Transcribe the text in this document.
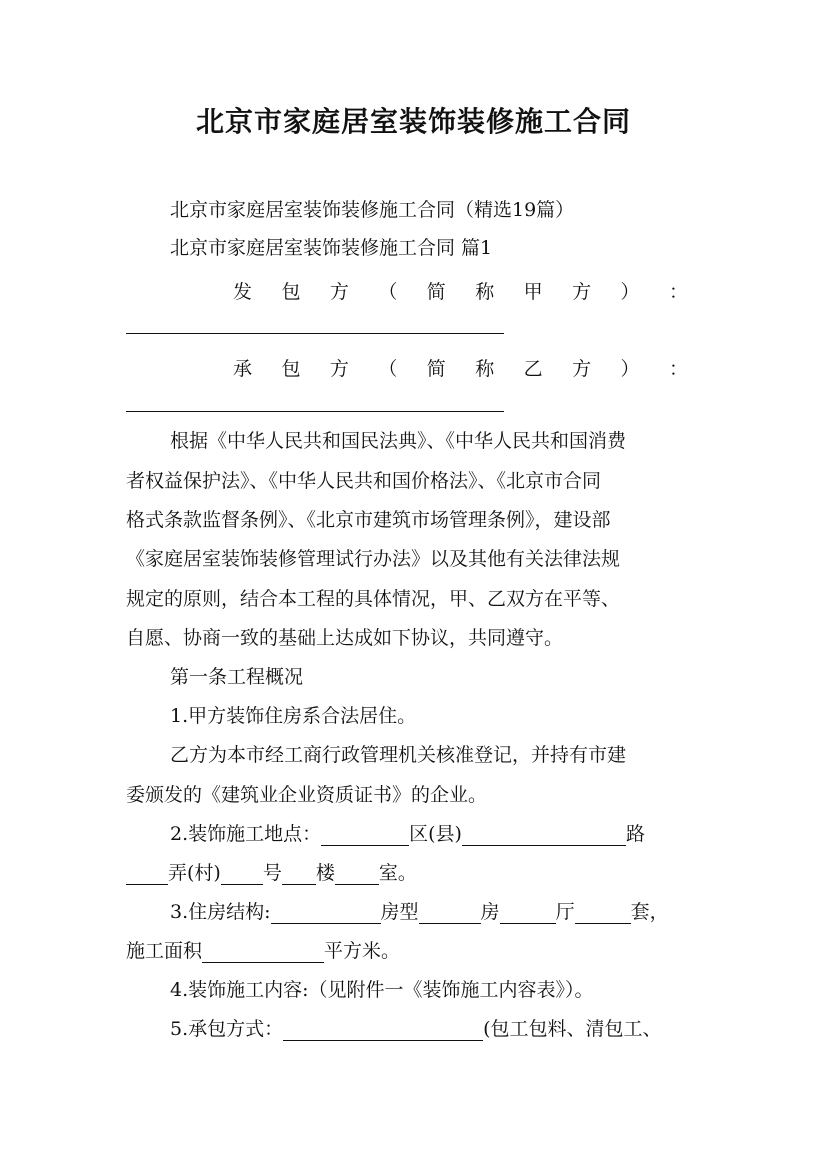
北京市家庭居室装饰装修施工合同
北京市家庭居室装饰装修施工合同（精选19篇）
北京市家庭居室装饰装修施工合同 篇1
发 包 方 （ 简 称 甲 方 ） ：
承 包 方 （ 简 称 乙 方 ） ：
根据《中华人民共和国民法典》、《中华人民共和国消费
者权益保护法》、《中华人民共和国价格法》、《北京市合同
格式条款监督条例》、《北京市建筑市场管理条例》，建设部
《家庭居室装饰装修管理试行办法》以及其他有关法律法规
规定的原则，结合本工程的具体情况，甲、乙双方在平等、
自愿、协商一致的基础上达成如下协议，共同遵守。
第一条工程概况
1.甲方装饰住房系合法居住。
乙方为本市经工商行政管理机关核准登记，并持有市建
委颁发的《建筑业企业资质证书》的企业。
2.装饰施工地点：	区(县)	路
弄(村) 号 楼 室。
3.住房结构:	房型	房	厅	套，
施工面积	平方米。
4.装饰施工内容:（见附件一《装饰施工内容表》）。
5.承包方式：	(包工包料、清包工、
